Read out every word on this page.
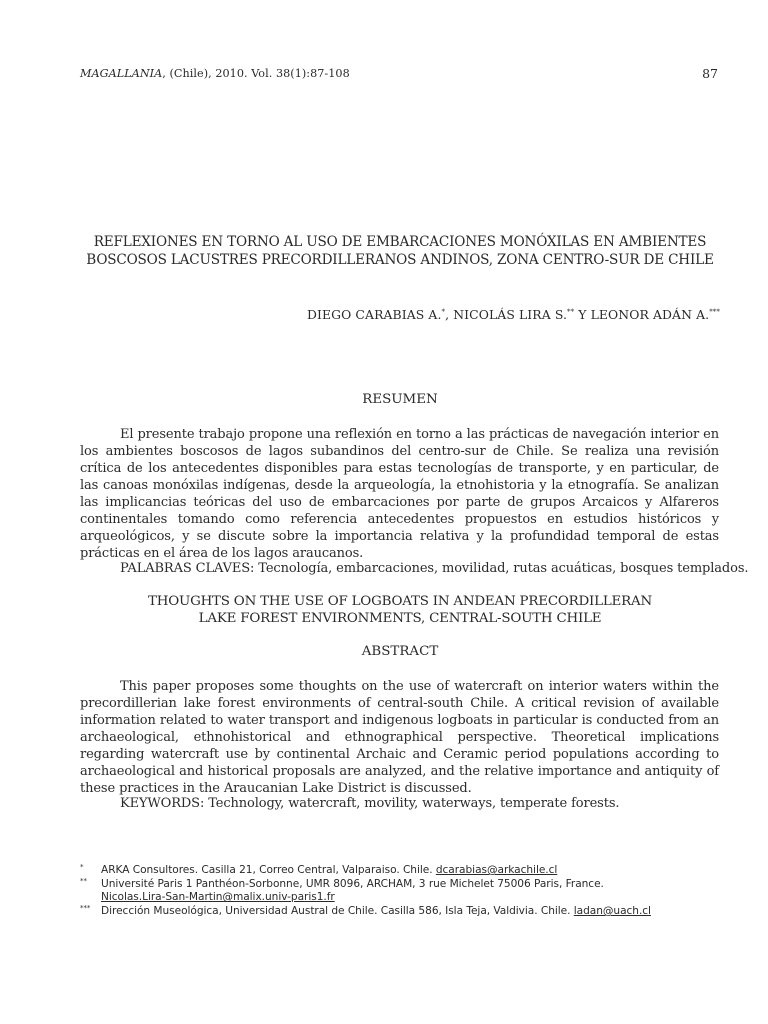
MAGALLANIA, (Chile), 2010. Vol. 38(1):87-108	87
REFLEXIONES EN TORNO AL USO DE EMBARCACIONES MONÓXILAS EN AMBIENTES
BOSCOSOS LACUSTRES PRECORDILLERANOS ANDINOS, ZONA CENTRO-SUR DE CHILE
DIEGO CARABIAS A.*, NICOLÁS LIRA S.** Y LEONOR ADÁN A.***
RESUMEN
El presente trabajo propone una reflexión en torno a las prácticas de navegación interior en los ambientes boscosos de lagos subandinos del centro-sur de Chile. Se realiza una revisión crítica de los antecedentes disponibles para estas tecnologías de transporte, y en particular, de las canoas monóxilas indígenas, desde la arqueología, la etnohistoria y la etnografía. Se analizan las implicancias teóricas del uso de embarcaciones por parte de grupos Arcaicos y Alfareros continentales tomando como referencia antecedentes propuestos en estudios históricos y arqueológicos, y se discute sobre la importancia relativa y la profundidad temporal de estas prácticas en el área de los lagos araucanos.
PALABRAS CLAVES: Tecnología, embarcaciones, movilidad, rutas acuáticas, bosques templados.
THOUGHTS ON THE USE OF LOGBOATS IN ANDEAN PRECORDILLERAN
LAKE FOREST ENVIRONMENTS, CENTRAL-SOUTH CHILE
ABSTRACT
This paper proposes some thoughts on the use of watercraft on interior waters within the precordillerian lake forest environments of central-south Chile. A critical revision of available information related to water transport and indigenous logboats in particular is conducted from an archaeological, ethnohistorical and ethnographical perspective. Theoretical implications regarding watercraft use by continental Archaic and Ceramic period populations according to archaeological and historical proposals are analyzed, and the relative importance and antiquity of these practices in the Araucanian Lake District is discussed.
KEYWORDS: Technology, watercraft, movility, waterways, temperate forests.
* ARKA Consultores. Casilla 21, Correo Central, Valparaiso. Chile. dcarabias@arkachile.cl
** Université Paris 1 Panthéon-Sorbonne, UMR 8096, ARCHAM, 3 rue Michelet 75006 Paris, France.
Nicolas.Lira-San-Martin@malix.univ-paris1.fr
*** Dirección Museológica, Universidad Austral de Chile. Casilla 586, Isla Teja, Valdivia. Chile. ladan@uach.cl
